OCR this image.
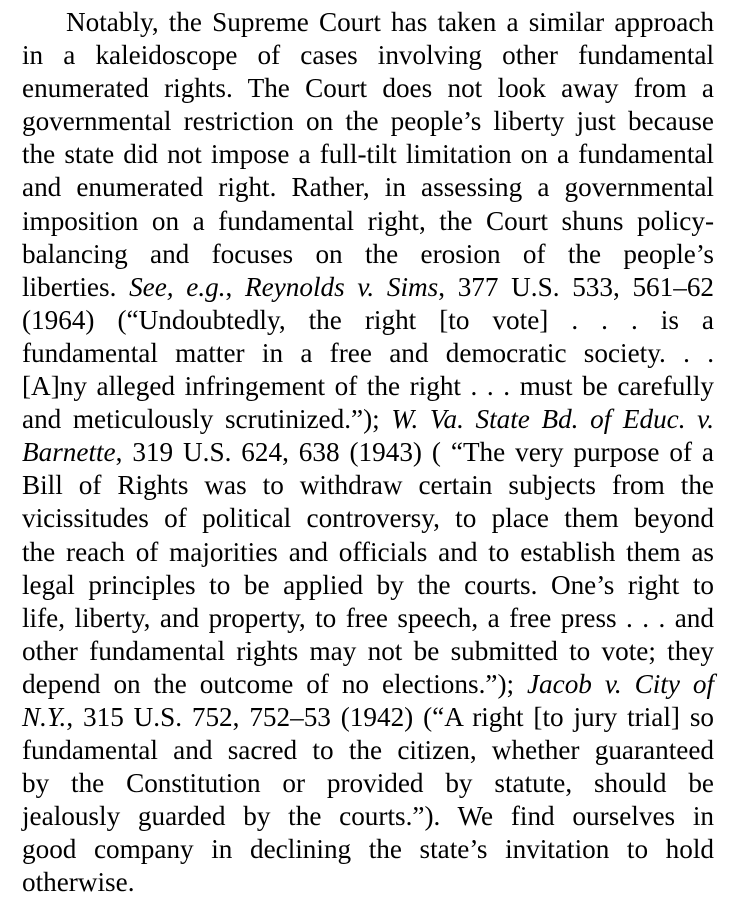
Notably, the Supreme Court has taken a similar approach
in a kaleidoscope of cases involving other fundamental
enumerated rights. The Court does not look away from a
governmental restriction on the people’s liberty just because
the state did not impose a full-tilt limitation on a fundamental
and enumerated right. Rather, in assessing a governmental
imposition on a fundamental right, the Court shuns policy-
balancing and focuses on the erosion of the people’s
liberties. See, e.g., Reynolds v. Sims, 377 U.S. 533, 561–62
(1964) (“Undoubtedly, the right [to vote] . . . is a
fundamental matter in a free and democratic society. . .
[A]ny alleged infringement of the right . . . must be carefully
and meticulously scrutinized.”); W. Va. State Bd. of Educ. v.
Barnette, 319 U.S. 624, 638 (1943) ( “The very purpose of a
Bill of Rights was to withdraw certain subjects from the
vicissitudes of political controversy, to place them beyond
the reach of majorities and officials and to establish them as
legal principles to be applied by the courts. One’s right to
life, liberty, and property, to free speech, a free press . . . and
other fundamental rights may not be submitted to vote; they
depend on the outcome of no elections.”); Jacob v. City of
N.Y., 315 U.S. 752, 752–53 (1942) (“A right [to jury trial] so
fundamental and sacred to the citizen, whether guaranteed
by the Constitution or provided by statute, should be
jealously guarded by the courts.”). We find ourselves in
good company in declining the state’s invitation to hold
otherwise.
